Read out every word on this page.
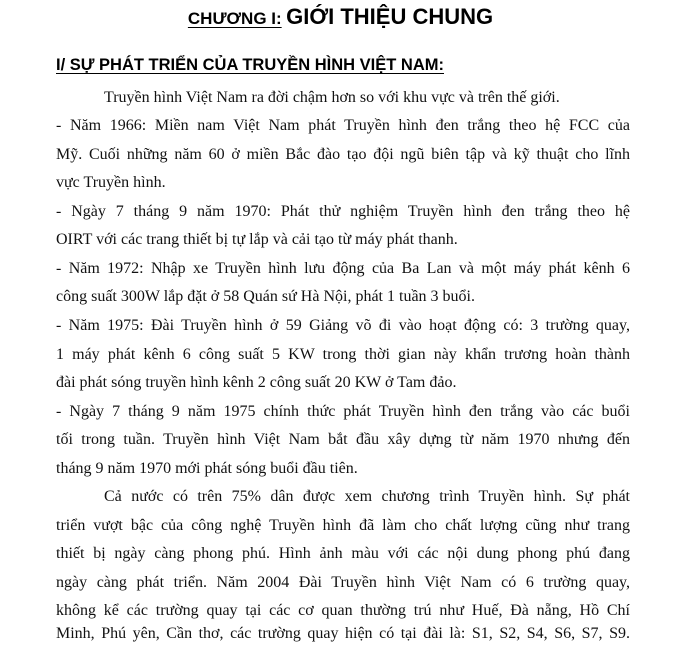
CHƯƠNG I: GIỚI THIỆU CHUNG
I/ SỰ PHÁT TRIỂN CỦA TRUYỀN HÌNH VIỆT NAM:
Truyền hình Việt Nam ra đời chậm hơn so với khu vực và trên thế giới.
- Năm 1966: Miền nam Việt Nam phát Truyền hình đen trắng theo hệ FCC của
Mỹ. Cuối những năm 60 ở miền Bắc đào tạo đội ngũ biên tập và kỹ thuật cho lĩnh
vực Truyền hình.
- Ngày 7 tháng 9 năm 1970: Phát thử nghiệm Truyền hình đen trắng theo hệ
OIRT với các trang thiết bị tự lắp và cải tạo từ máy phát thanh.
- Năm 1972: Nhập xe Truyền hình lưu động của Ba Lan và một máy phát kênh 6
công suất 300W lắp đặt ở 58 Quán sứ Hà Nội, phát 1 tuần 3 buổi.
- Năm 1975: Đài Truyền hình ở 59 Giảng võ đi vào hoạt động có: 3 trường quay,
1 máy phát kênh 6 công suất 5 KW trong thời gian này khẩn trương hoàn thành
đài phát sóng truyền hình kênh 2 công suất 20 KW ở Tam đảo.
- Ngày 7 tháng 9 năm 1975 chính thức phát Truyền hình đen trắng vào các buổi
tối trong tuần. Truyền hình Việt Nam bắt đầu xây dựng từ năm 1970 nhưng đến
tháng 9 năm 1970 mới phát sóng buổi đầu tiên.
Cả nước có trên 75% dân được xem chương trình Truyền hình. Sự phát
triển vượt bậc của công nghệ Truyền hình đã làm cho chất lượng cũng như trang
thiết bị ngày càng phong phú. Hình ảnh màu với các nội dung phong phú đang
ngày càng phát triển. Năm 2004 Đài Truyền hình Việt Nam có 6 trường quay,
không kể các trường quay tại các cơ quan thường trú như Huế, Đà nẵng, Hồ Chí
Minh, Phú yên, Cần thơ, các trường quay hiện có tại đài là: S1, S2, S4, S6, S7, S9.
